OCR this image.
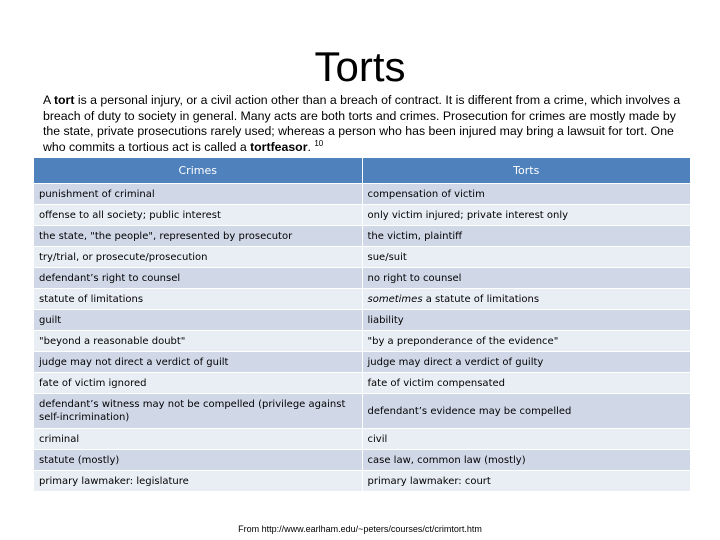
Torts
A tort is a personal injury, or a civil action other than a breach of contract. It is different from a crime, which involves a breach of duty to society in general. Many acts are both torts and crimes. Prosecution for crimes are mostly made by the state, private prosecutions rarely used; whereas a person who has been injured may bring a lawsuit for tort. One who commits a tortious act is called a tortfeasor. $^{10}$
Crimes	Torts
punishment of criminal	compensation of victim
offense to all society; public interest	only victim injured; private interest only
the state, "the people", represented by prosecutor	the victim, plaintiff
try/trial, or prosecute/prosecution	sue/suit
defendant’s right to counsel	no right to counsel
statute of limitations	sometimes a statute of limitations
guilt	liability
"beyond a reasonable doubt"	"by a preponderance of the evidence"
judge may not direct a verdict of guilt	judge may direct a verdict of guilty
fate of victim ignored	fate of victim compensated
defendant’s witness may not be compelled (privilege against self-incrimination)	defendant’s evidence may be compelled
criminal	civil
statute (mostly)	case law, common law (mostly)
primary lawmaker: legislature	primary lawmaker: court
From http://www.earlham.edu/~peters/courses/ct/crimtort.htm
